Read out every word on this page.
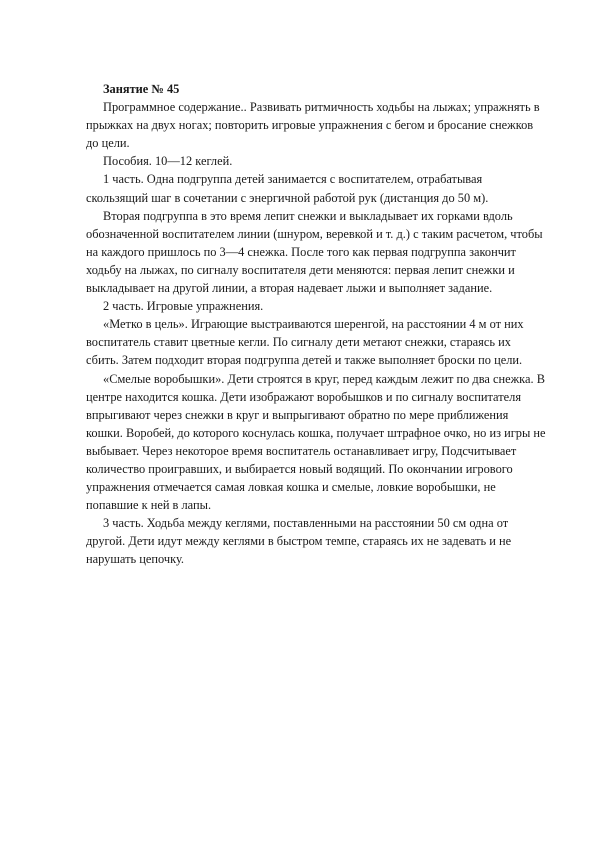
Занятие № 45

Программное содержание.. Развивать ритмичность ходьбы на лыжах; упражнять в прыжках на двух ногах; повторить игровые упражнения с бегом и бросание снежков до цели.

Пособия. 10—12 кеглей.

1 часть. Одна подгруппа детей занимается с воспитателем, отрабатывая скользящий шаг в сочетании с энергичной работой рук (дистанция до 50 м).

Вторая подгруппа в это время лепит снежки и выкладывает их горками вдоль обозначенной воспитателем линии (шнуром, веревкой и т. д.) с таким расчетом, чтобы на каждого пришлось по 3—4 снежка. После того как первая подгруппа закончит ходьбу на лыжах, по сигналу воспитателя дети меняются: первая лепит снежки и выкладывает на другой линии, а вторая надевает лыжи и выполняет задание.

2 часть. Игровые упражнения.

«Метко в цель». Играющие выстраиваются шеренгой, на расстоянии 4 м от них воспитатель ставит цветные кегли. По сигналу дети метают снежки, стараясь их сбить. Затем подходит вторая подгруппа детей и также выполняет броски по цели.

«Смелые воробышки». Дети строятся в круг, перед каждым лежит по два снежка. В центре находится кошка. Дети изображают воробышков и по сигналу воспитателя впрыгивают через снежки в круг и выпрыгивают обратно по мере приближения кошки. Воробей, до которого коснулась кошка, получает штрафное очко, но из игры не выбывает. Через некоторое время воспитатель останавливает игру, Подсчитывает количество проигравших, и выбирается новый водящий. По окончании игрового упражнения отмечается самая ловкая кошка и смелые, ловкие воробышки, не попавшие к ней в лапы.

3 часть. Ходьба между кеглями, поставленными на расстоянии 50 см одна от другой. Дети идут между кеглями в быстром темпе, стараясь их не задевать и не нарушать цепочку.
